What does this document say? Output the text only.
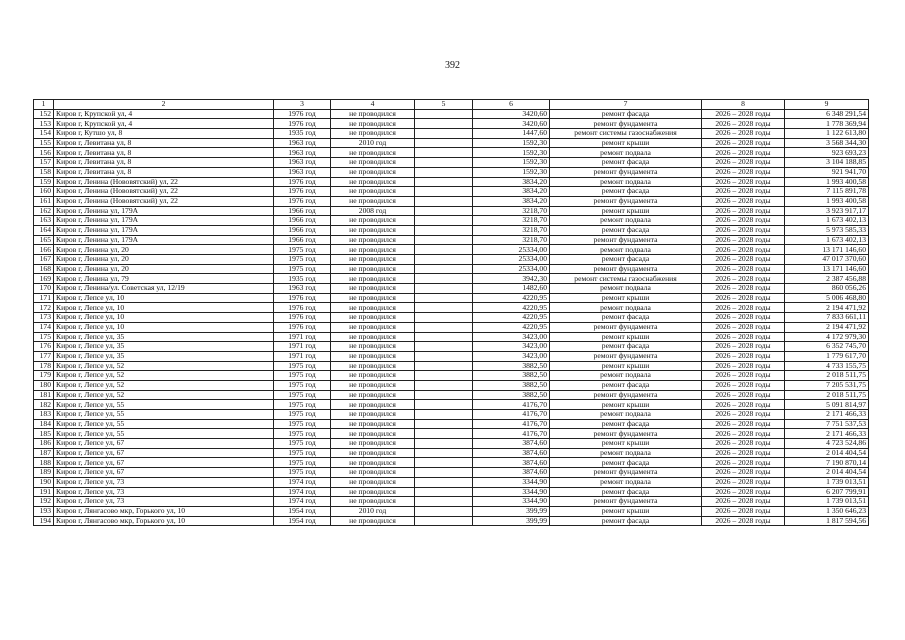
392
1	2	3	4	5	6	7	8	9
152	Киров г, Крупской ул, 4	1976 год	не проводился		3420,60	ремонт фасада	2026 – 2028 годы	6 348 291,54
153	Киров г, Крупской ул, 4	1976 год	не проводился		3420,60	ремонт фундамента	2026 – 2028 годы	1 778 369,94
154	Киров г, Кутшо ул, 8	1935 год	не проводился		1447,60	ремонт системы газоснабжения	2026 – 2028 годы	1 122 613,80
155	Киров г, Левитана ул, 8	1963 год	2010 год		1592,30	ремонт крыши	2026 – 2028 годы	3 568 344,30
156	Киров г, Левитана ул, 8	1963 год	не проводился		1592,30	ремонт подвала	2026 – 2028 годы	923 693,23
157	Киров г, Левитана ул, 8	1963 год	не проводился		1592,30	ремонт фасада	2026 – 2028 годы	3 104 188,85
158	Киров г, Левитана ул, 8	1963 год	не проводился		1592,30	ремонт фундамента	2026 – 2028 годы	921 941,70
159	Киров г, Ленина (Нововятский) ул, 22	1976 год	не проводился		3834,20	ремонт подвала	2026 – 2028 годы	1 993 400,58
160	Киров г, Ленина (Нововятский) ул, 22	1976 год	не проводился		3834,20	ремонт фасада	2026 – 2028 годы	7 115 891,78
161	Киров г, Ленина (Нововятский) ул, 22	1976 год	не проводился		3834,20	ремонт фундамента	2026 – 2028 годы	1 993 400,58
162	Киров г, Ленина ул, 179А	1966 год	2008 год		3218,70	ремонт крыши	2026 – 2028 годы	3 923 917,17
163	Киров г, Ленина ул, 179А	1966 год	не проводился		3218,70	ремонт подвала	2026 – 2028 годы	1 673 402,13
164	Киров г, Ленина ул, 179А	1966 год	не проводился		3218,70	ремонт фасада	2026 – 2028 годы	5 973 585,33
165	Киров г, Ленина ул, 179А	1966 год	не проводился		3218,70	ремонт фундамента	2026 – 2028 годы	1 673 402,13
166	Киров г, Ленина ул, 20	1975 год	не проводился		25334,00	ремонт подвала	2026 – 2028 годы	13 171 146,60
167	Киров г, Ленина ул, 20	1975 год	не проводился		25334,00	ремонт фасада	2026 – 2028 годы	47 017 370,60
168	Киров г, Ленина ул, 20	1975 год	не проводился		25334,00	ремонт фундамента	2026 – 2028 годы	13 171 146,60
169	Киров г, Ленина ул, 79	1935 год	не проводился		3942,30	ремонт системы газоснабжения	2026 – 2028 годы	2 387 456,88
170	Киров г, Ленина/ул. Советская ул, 12/19	1963 год	не проводился		1482,60	ремонт подвала	2026 – 2028 годы	860 056,26
171	Киров г, Лепсе ул, 10	1976 год	не проводился		4220,95	ремонт крыши	2026 – 2028 годы	5 006 468,80
172	Киров г, Лепсе ул, 10	1976 год	не проводился		4220,95	ремонт подвала	2026 – 2028 годы	2 194 471,92
173	Киров г, Лепсе ул, 10	1976 год	не проводился		4220,95	ремонт фасада	2026 – 2028 годы	7 833 661,11
174	Киров г, Лепсе ул, 10	1976 год	не проводился		4220,95	ремонт фундамента	2026 – 2028 годы	2 194 471,92
175	Киров г, Лепсе ул, 35	1971 год	не проводился		3423,00	ремонт крыши	2026 – 2028 годы	4 172 979,30
176	Киров г, Лепсе ул, 35	1971 год	не проводился		3423,00	ремонт фасада	2026 – 2028 годы	6 352 745,70
177	Киров г, Лепсе ул, 35	1971 год	не проводился		3423,00	ремонт фундамента	2026 – 2028 годы	1 779 617,70
178	Киров г, Лепсе ул, 52	1975 год	не проводился		3882,50	ремонт крыши	2026 – 2028 годы	4 733 155,75
179	Киров г, Лепсе ул, 52	1975 год	не проводился		3882,50	ремонт подвала	2026 – 2028 годы	2 018 511,75
180	Киров г, Лепсе ул, 52	1975 год	не проводился		3882,50	ремонт фасада	2026 – 2028 годы	7 205 531,75
181	Киров г, Лепсе ул, 52	1975 год	не проводился		3882,50	ремонт фундамента	2026 – 2028 годы	2 018 511,75
182	Киров г, Лепсе ул, 55	1975 год	не проводился		4176,70	ремонт крыши	2026 – 2028 годы	5 091 814,97
183	Киров г, Лепсе ул, 55	1975 год	не проводился		4176,70	ремонт подвала	2026 – 2028 годы	2 171 466,33
184	Киров г, Лепсе ул, 55	1975 год	не проводился		4176,70	ремонт фасада	2026 – 2028 годы	7 751 537,53
185	Киров г, Лепсе ул, 55	1975 год	не проводился		4176,70	ремонт фундамента	2026 – 2028 годы	2 171 466,33
186	Киров г, Лепсе ул, 67	1975 год	не проводился		3874,60	ремонт крыши	2026 – 2028 годы	4 723 524,86
187	Киров г, Лепсе ул, 67	1975 год	не проводился		3874,60	ремонт подвала	2026 – 2028 годы	2 014 404,54
188	Киров г, Лепсе ул, 67	1975 год	не проводился		3874,60	ремонт фасада	2026 – 2028 годы	7 190 870,14
189	Киров г, Лепсе ул, 67	1975 год	не проводился		3874,60	ремонт фундамента	2026 – 2028 годы	2 014 404,54
190	Киров г, Лепсе ул, 73	1974 год	не проводился		3344,90	ремонт подвала	2026 – 2028 годы	1 739 013,51
191	Киров г, Лепсе ул, 73	1974 год	не проводился		3344,90	ремонт фасада	2026 – 2028 годы	6 207 799,91
192	Киров г, Лепсе ул, 73	1974 год	не проводился		3344,90	ремонт фундамента	2026 – 2028 годы	1 739 013,51
193	Киров г, Лянгасово мкр, Горького ул, 10	1954 год	2010 год		399,99	ремонт крыши	2026 – 2028 годы	1 350 646,23
194	Киров г, Лянгасово мкр, Горького ул, 10	1954 год	не проводился		399,99	ремонт фасада	2026 – 2028 годы	1 817 594,56
